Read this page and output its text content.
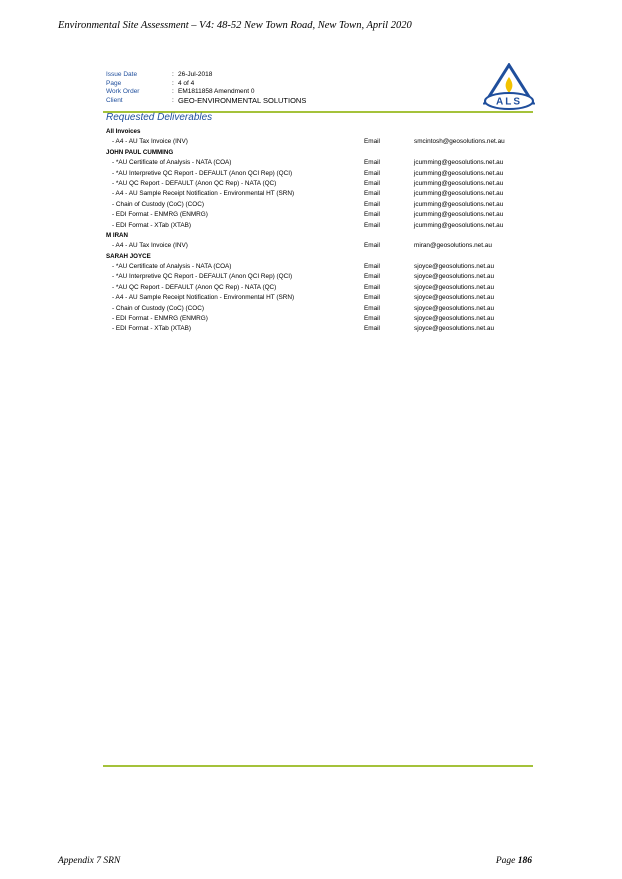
Environmental Site Assessment – V4: 48-52 New Town Road, New Town, April 2020
Issue Date	: 26-Jul-2018
Page	: 4 of 4
Work Order	: EM1811858 Amendment 0
Client	: GEO-ENVIRONMENTAL SOLUTIONS	ALS
Requested Deliverables
All Invoices
- A4 - AU Tax Invoice (INV)	Email	smcintosh@geosolutions.net.au
JOHN PAUL CUMMING
- *AU Certificate of Analysis - NATA (COA)	Email	jcumming@geosolutions.net.au
- *AU Interpretive QC Report - DEFAULT (Anon QCI Rep) (QCI)	Email	jcumming@geosolutions.net.au
- *AU QC Report - DEFAULT (Anon QC Rep) - NATA (QC)	Email	jcumming@geosolutions.net.au
- A4 - AU Sample Receipt Notification - Environmental HT (SRN)	Email	jcumming@geosolutions.net.au
- Chain of Custody (CoC) (COC)	Email	jcumming@geosolutions.net.au
- EDI Format - ENMRG (ENMRG)	Email	jcumming@geosolutions.net.au
- EDI Format - XTab (XTAB)	Email	jcumming@geosolutions.net.au
M IRAN
- A4 - AU Tax Invoice (INV)	Email	miran@geosolutions.net.au
SARAH JOYCE
- *AU Certificate of Analysis - NATA (COA)	Email	sjoyce@geosolutions.net.au
- *AU Interpretive QC Report - DEFAULT (Anon QCI Rep) (QCI)	Email	sjoyce@geosolutions.net.au
- *AU QC Report - DEFAULT (Anon QC Rep) - NATA (QC)	Email	sjoyce@geosolutions.net.au
- A4 - AU Sample Receipt Notification - Environmental HT (SRN)	Email	sjoyce@geosolutions.net.au
- Chain of Custody (CoC) (COC)	Email	sjoyce@geosolutions.net.au
- EDI Format - ENMRG (ENMRG)	Email	sjoyce@geosolutions.net.au
- EDI Format - XTab (XTAB)	Email	sjoyce@geosolutions.net.au
Appendix 7 SRN	Page 186
